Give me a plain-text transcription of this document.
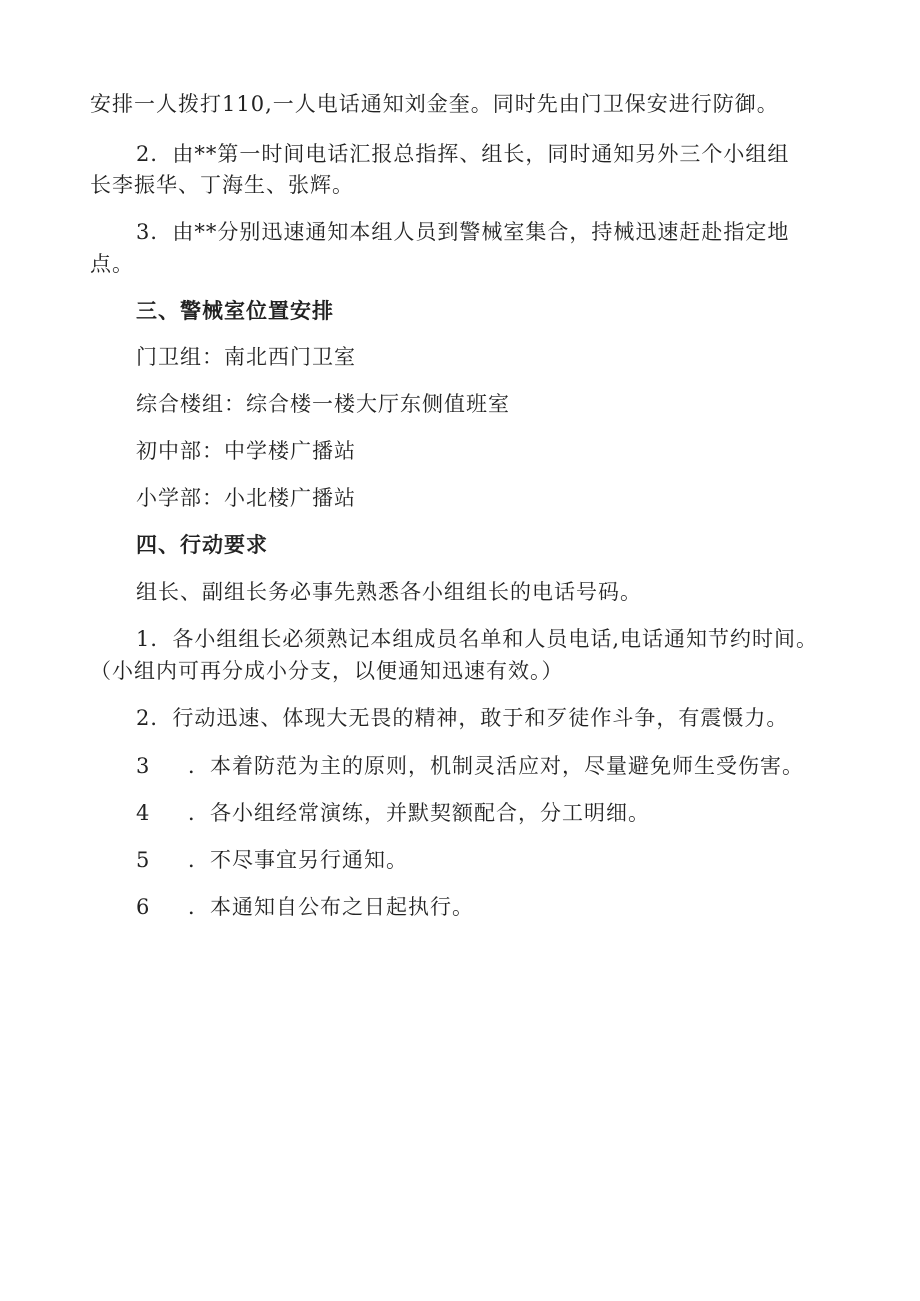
安排一人拨打110,一人电话通知刘金奎。同时先由门卫保安进行防御。
2．由**第一时间电话汇报总指挥、组长，同时通知另外三个小组组
长李振华、丁海生、张辉。
3．由**分别迅速通知本组人员到警械室集合，持械迅速赶赴指定地
点。
三、警械室位置安排
门卫组：南北西门卫室
综合楼组：综合楼一楼大厅东侧值班室
初中部：中学楼广播站
小学部：小北楼广播站
四、行动要求
组长、副组长务必事先熟悉各小组组长的电话号码。
1．各小组组长必须熟记本组成员名单和人员电话,电话通知节约时间。
（小组内可再分成小分支，以便通知迅速有效。）
2．行动迅速、体现大无畏的精神，敢于和歹徒作斗争，有震慑力。
3 ．本着防范为主的原则，机制灵活应对，尽量避免师生受伤害。
4 ．各小组经常演练，并默契额配合，分工明细。
5 ．不尽事宜另行通知。
6 ．本通知自公布之日起执行。
